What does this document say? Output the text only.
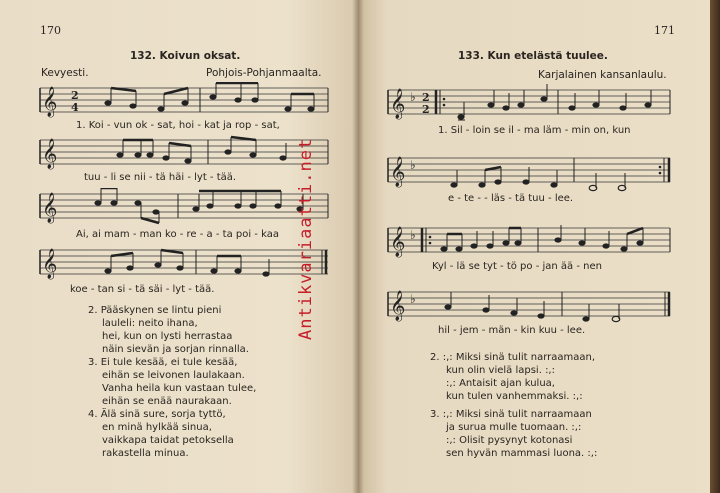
170
132. Koivun oksat.
Kevyesti.	Pohjois-Pohjanmaalta.
𝄞 2
4
1. Koi - vun ok - sat, hoi - kat ja rop - sat,
𝄞
tuu - li se nii - tä häi - lyt - tää.
𝄞
Ai, ai mam - man ko - re - a - ta poi - kaa
𝄞
koe - tan si - tä säi - lyt - tää.
2. Pääskynen se lintu pieni
lauleli: neito ihana,
hei, kun on lysti herrastaa
näin sievän ja sorjan rinnalla.
3. Ei tule kesää, ei tule kesää,
eihän se leivonen laulakaan.
Vanha heila kun vastaan tulee,
eihän se enää naurakaan.
4. Älä sinä sure, sorja tyttö,
en minä hylkää sinua,
vaikkapa taidat petoksella
rakastella minua.
Antikvariaatti.net
171
133. Kun etelästä tuulee.
Karjalainen kansanlaulu.
𝄞 ♭ 2
2
1. Sil - loin se il - ma läm - min on, kun
𝄞 ♭
e - te - - läs - tä tuu - lee.
𝄞 ♭
Kyl - lä se tyt - tö po - jan ää - nen
𝄞 ♭
hil - jem - män - kin kuu - lee.
2. :,: Miksi sinä tulit narraamaan,
kun olin vielä lapsi. :,:
:,: Antaisit ajan kulua,
kun tulen vanhemmaksi. :,:
3. :,: Miksi sinä tulit narraamaan
ja surua mulle tuomaan. :,:
:,: Olisit pysynyt kotonasi
sen hyvän mammasi luona. :,:
